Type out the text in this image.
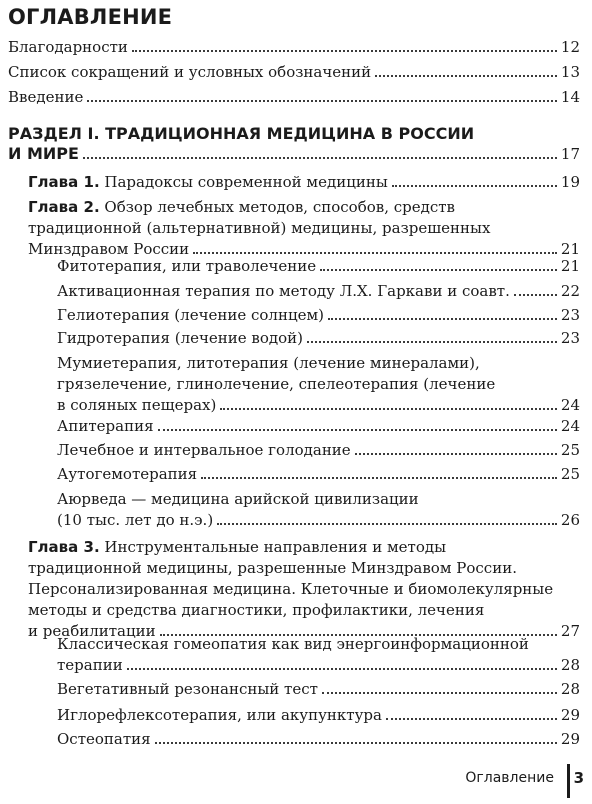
ОГЛАВЛЕНИЕ
Благодарности	12
Список сокращений и условных обозначений	13
Введение	14
РАЗДЕЛ I. ТРАДИЦИОННАЯ МЕДИЦИНА В РОССИИ
И МИРЕ	17
Глава 1. Парадоксы современной медицины	19
Глава 2. Обзор лечебных методов, способов, средств
традиционной (альтернативной) медицины, разрешенных
Минздравом России	21
Фитотерапия, или траволечение	21
Активационная терапия по методу Л.Х. Гаркави и соавт.	22
Гелиотерапия (лечение солнцем)	23
Гидротерапия (лечение водой)	23
Мумиетерапия, литотерапия (лечение минералами),
грязелечение, глинолечение, спелеотерапия (лечение
в соляных пещерах)	24
Апитерапия	24
Лечебное и интервальное голодание	25
Аутогемотерапия	25
Аюрведа — медицина арийской цивилизации
(10 тыс. лет до н.э.)	26
Глава 3. Инструментальные направления и методы
традиционной медицины, разрешенные Минздравом России.
Персонализированная медицина. Клеточные и биомолекулярные
методы и средства диагностики, профилактики, лечения
и реабилитации	27
Классическая гомеопатия как вид энергоинформационной
терапии	28
Вегетативный резонансный тест	28
Иглорефлексотерапия, или акупунктура	29
Остеопатия	29
Оглавление 3
